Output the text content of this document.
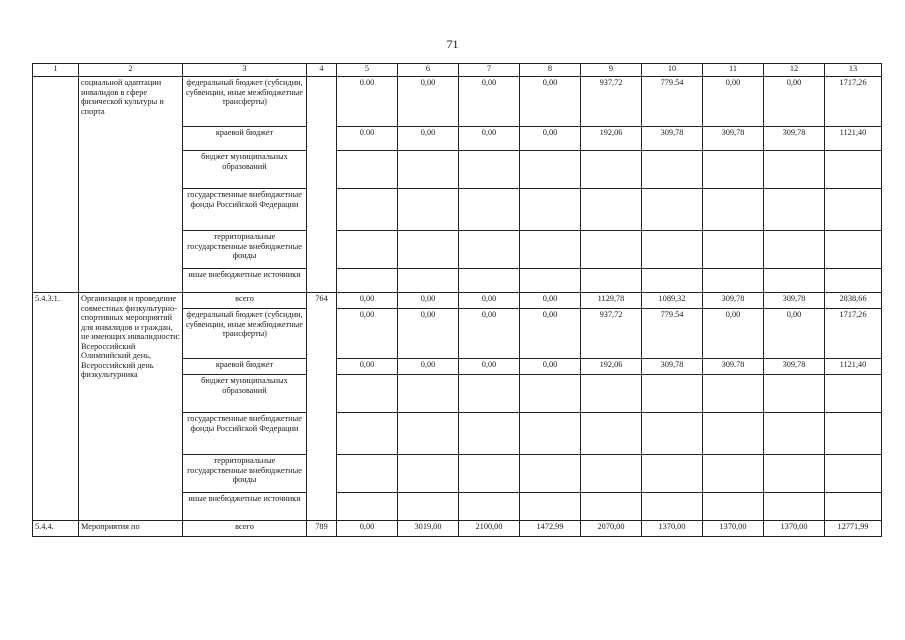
71
1	2	3	4	5	6	7	8	9	10	11	12	13
	социальной адаптации инвалидов в сфере физической культуры и спорта	федеральный бюджет (субсидии, субвенции, иные межбюджетные трансферты)		0.00	0,00	0,00	0,00	937,72	779.54	0,00	0,00	1717,26
		краевой бюджет		0.00	0,00	0,00	0,00	192,06	309,78	309,78	309,78	1121,40
		бюджет муниципальных образований										
		государственные внебюджетные фонды Российской Федерации										
		территориальные государственные внебюджетные фонды										
		иные внебюджетные источники										
5.4.3.1.	Организация и проведение совместных физкультурно-спортивных мероприятий для инвалидов и граждан, не имеющих инвалидности: Всероссийский Олимпийский день, Всероссийский день физкультурника	всего	764	0,00	0,00	0,00	0,00	1129,78	1089,32	309,78	309,78	2838,66
		федеральный бюджет (субсидии, субвенции, иные межбюджетные трансферты)		0,00	0,00	0,00	0,00	937,72	779.54	0,00	0,00	1717,26
		краевой бюджет		0,00	0,00	0,00	0,00	192,06	309,78	309.78	309,78	1121,40
		бюджет муниципальных образований										
		государственные внебюджетные фонды Российской Федерации										
		территориальные государственные внебюджетные фонды										
		иные внебюджетные источники										
5.4.4.	Мероприятия по	всего	789	0,00	3019,00	2100,00	1472,99	2070,00	1370,00	1370,00	1370,00	12771,99
